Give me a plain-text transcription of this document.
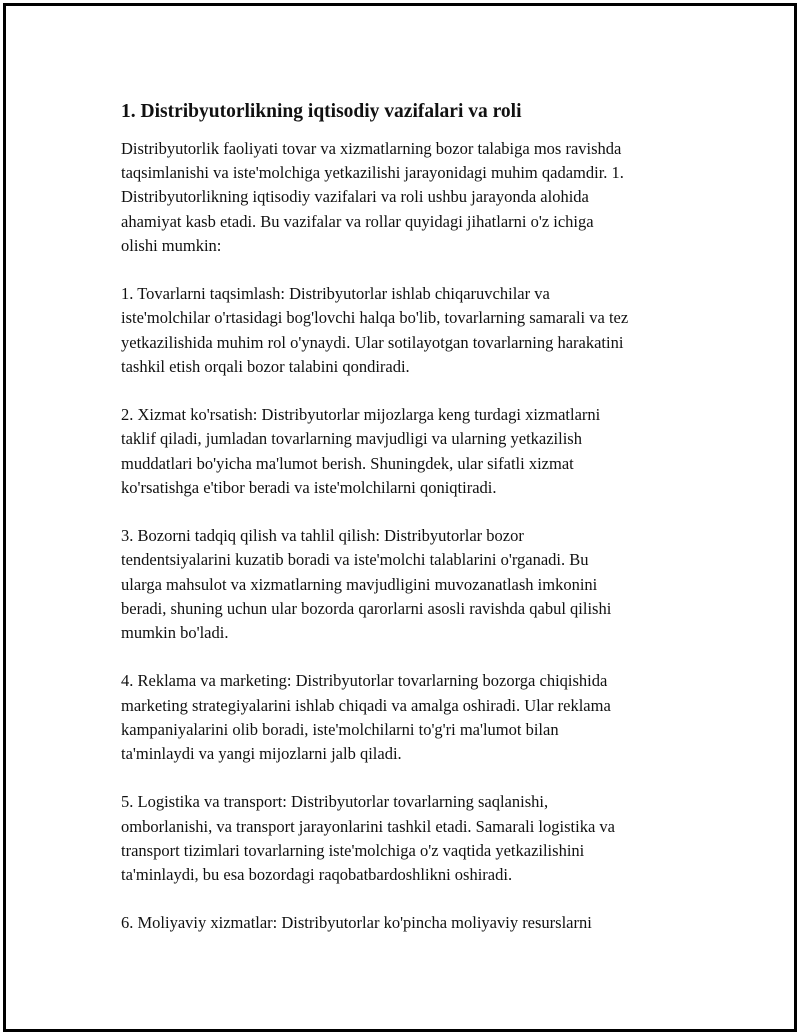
1. Distribyutorlikning iqtisodiy vazifalari va roli
Distribyutorlik faoliyati tovar va xizmatlarning bozor talabiga mos ravishda
taqsimlanishi va iste'molchiga yetkazilishi jarayonidagi muhim qadamdir. 1.
Distribyutorlikning iqtisodiy vazifalari va roli ushbu jarayonda alohida
ahamiyat kasb etadi. Bu vazifalar va rollar quyidagi jihatlarni o'z ichiga
olishi mumkin:
1. Tovarlarni taqsimlash: Distribyutorlar ishlab chiqaruvchilar va
iste'molchilar o'rtasidagi bog'lovchi halqa bo'lib, tovarlarning samarali va tez
yetkazilishida muhim rol o'ynaydi. Ular sotilayotgan tovarlarning harakatini
tashkil etish orqali bozor talabini qondiradi.
2. Xizmat ko'rsatish: Distribyutorlar mijozlarga keng turdagi xizmatlarni
taklif qiladi, jumladan tovarlarning mavjudligi va ularning yetkazilish
muddatlari bo'yicha ma'lumot berish. Shuningdek, ular sifatli xizmat
ko'rsatishga e'tibor beradi va iste'molchilarni qoniqtiradi.
3. Bozorni tadqiq qilish va tahlil qilish: Distribyutorlar bozor
tendentsiyalarini kuzatib boradi va iste'molchi talablarini o'rganadi. Bu
ularga mahsulot va xizmatlarning mavjudligini muvozanatlash imkonini
beradi, shuning uchun ular bozorda qarorlarni asosli ravishda qabul qilishi
mumkin bo'ladi.
4. Reklama va marketing: Distribyutorlar tovarlarning bozorga chiqishida
marketing strategiyalarini ishlab chiqadi va amalga oshiradi. Ular reklama
kampaniyalarini olib boradi, iste'molchilarni to'g'ri ma'lumot bilan
ta'minlaydi va yangi mijozlarni jalb qiladi.
5. Logistika va transport: Distribyutorlar tovarlarning saqlanishi,
omborlanishi, va transport jarayonlarini tashkil etadi. Samarali logistika va
transport tizimlari tovarlarning iste'molchiga o'z vaqtida yetkazilishini
ta'minlaydi, bu esa bozordagi raqobatbardoshlikni oshiradi.
6. Moliyaviy xizmatlar: Distribyutorlar ko'pincha moliyaviy resurslarni
